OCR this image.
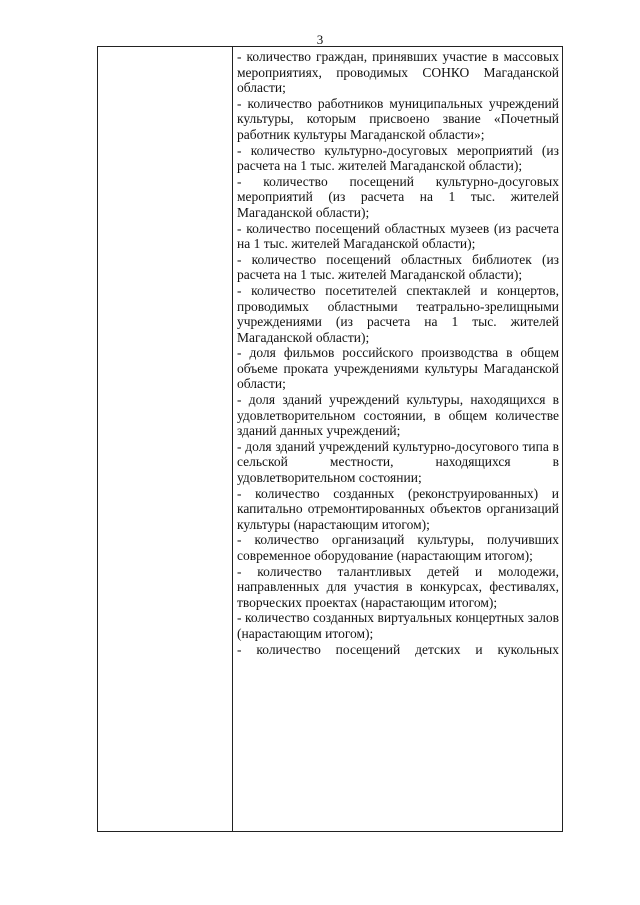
3

- количество граждан, принявших участие в массовых мероприятиях, проводимых СОНКО Магаданской области;

- количество работников муниципальных учреждений культуры, которым присвоено звание «Почетный работник культуры Магаданской области»;

- количество культурно-досуговых мероприятий (из расчета на 1 тыс. жителей Магаданской области);

- количество посещений культурно-досуговых мероприятий (из расчета на 1 тыс. жителей Магаданской области);

- количество посещений областных музеев (из расчета на 1 тыс. жителей Магаданской области);

- количество посещений областных библиотек (из расчета на 1 тыс. жителей Магаданской области);

- количество посетителей спектаклей и концертов, проводимых областными театрально-зрелищными учреждениями (из расчета на 1 тыс. жителей Магаданской области);

- доля фильмов российского производства в общем объеме проката учреждениями культуры Магаданской области;

- доля зданий учреждений культуры, находящихся в удовлетворительном состоянии, в общем количестве зданий данных учреждений;

- доля зданий учреждений культурно-досугового типа в сельской местности, находящихся в удовлетворительном состоянии;

- количество созданных (реконструированных) и капитально отремонтированных объектов организаций культуры (нарастающим итогом);

- количество организаций культуры, получивших современное оборудование (нарастающим итогом);

- количество талантливых детей и молодежи, направленных для участия в конкурсах, фестивалях, творческих проектах (нарастающим итогом);

- количество созданных виртуальных концертных залов (нарастающим итогом);

- количество посещений детских и кукольных
